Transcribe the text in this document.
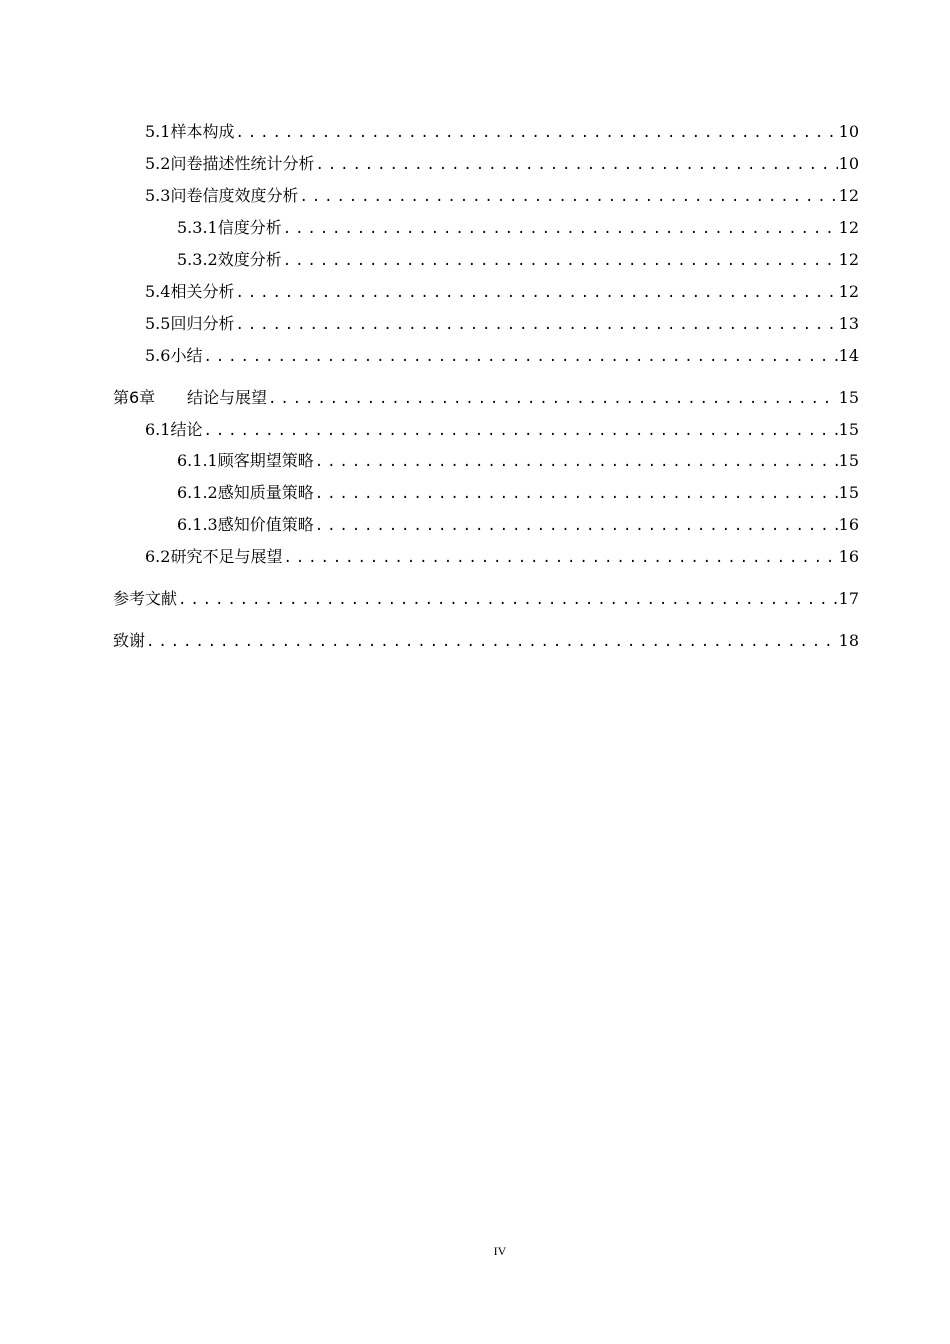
5.1 样本构成 .....	10
5.2 问卷描述性统计分析 .....	10
5.3 问卷信度效度分析 .....	12
5.3.1 信度分析 .....	12
5.3.2 效度分析 .....	12
5.4 相关分析 .....	12
5.5 回归分析 .....	13
5.6 小结 .....	14
第6章	结论与展望 .....	15
6.1 结论 .....	15
6.1.1 顾客期望策略 .....	15
6.1.2 感知质量策略 .....	15
6.1.3 感知价值策略 .....	16
6.2 研究不足与展望 .....	16
参考文献 .....	17
致谢 .....	18
IV
